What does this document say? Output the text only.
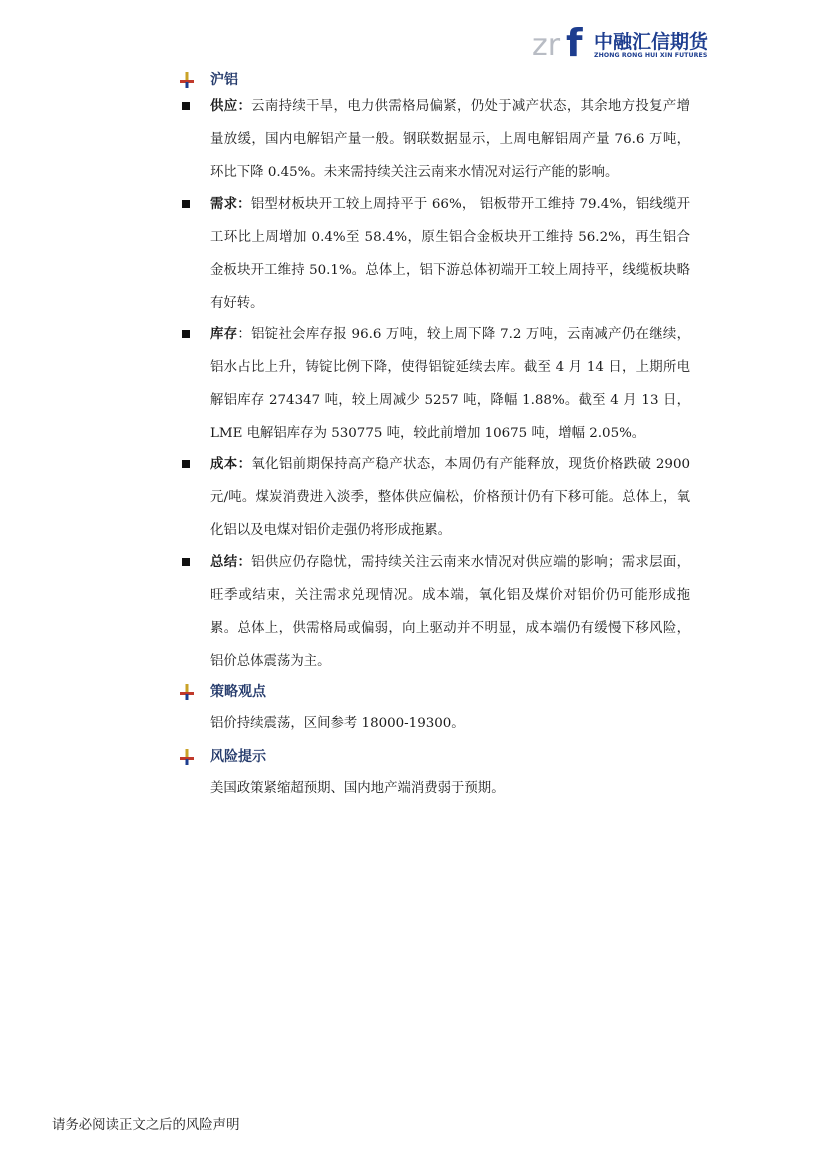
zr f 中融汇信期货
ZHONG RONG HUI XIN FUTURES
沪铝
供应：云南持续干旱，电力供需格局偏紧，仍处于减产状态，其余地方投复产增量放缓，国内电解铝产量一般。钢联数据显示，上周电解铝周产量 76.6 万吨，环比下降 0.45%。未来需持续关注云南来水情况对运行产能的影响。
需求：铝型材板块开工较上周持平于 66%， 铝板带开工维持 79.4%，铝线缆开工环比上周增加 0.4%至 58.4%，原生铝合金板块开工维持 56.2%，再生铝合金板块开工维持 50.1%。总体上，铝下游总体初端开工较上周持平，线缆板块略有好转。
库存：铝锭社会库存报 96.6 万吨，较上周下降 7.2 万吨，云南减产仍在继续，铝水占比上升，铸锭比例下降，使得铝锭延续去库。截至 4 月 14 日，上期所电解铝库存 274347 吨，较上周减少 5257 吨，降幅 1.88%。截至 4 月 13 日，LME 电解铝库存为 530775 吨，较此前增加 10675 吨，增幅 2.05%。
成本：氧化铝前期保持高产稳产状态，本周仍有产能释放，现货价格跌破 2900 元/吨。煤炭消费进入淡季，整体供应偏松，价格预计仍有下移可能。总体上，氧化铝以及电煤对铝价走强仍将形成拖累。
总结：铝供应仍存隐忧，需持续关注云南来水情况对供应端的影响；需求层面，旺季或结束，关注需求兑现情况。成本端，氧化铝及煤价对铝价仍可能形成拖累。总体上，供需格局或偏弱，向上驱动并不明显，成本端仍有缓慢下移风险，铝价总体震荡为主。
策略观点
铝价持续震荡，区间参考 18000-19300。
风险提示
美国政策紧缩超预期、国内地产端消费弱于预期。
请务必阅读正文之后的风险声明
